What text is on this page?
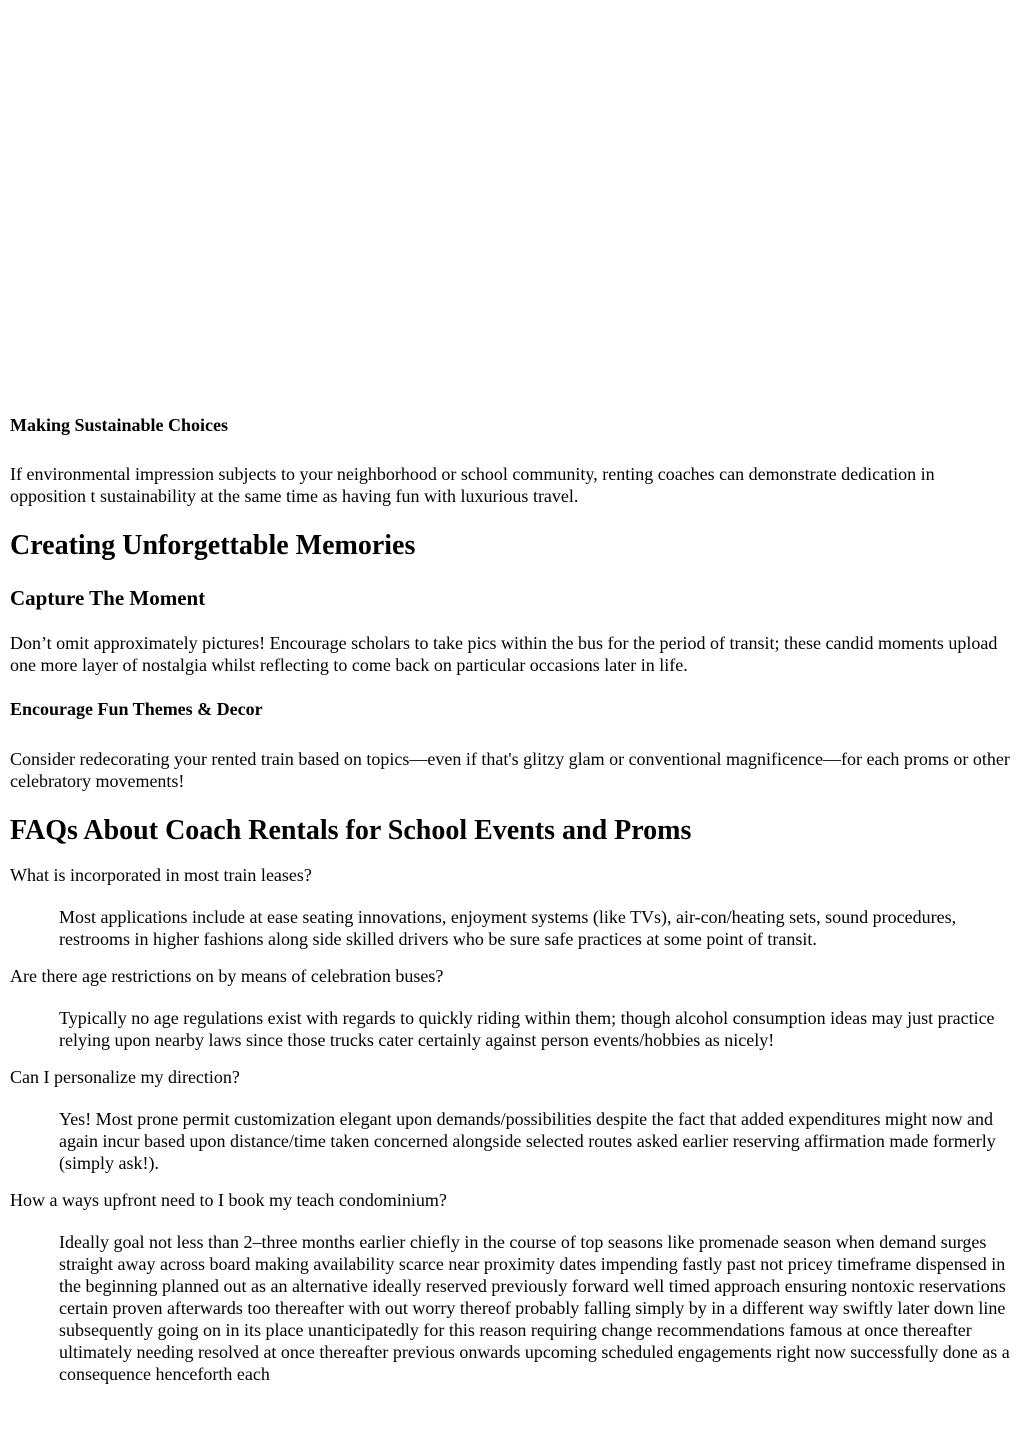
Making Sustainable Choices

If environmental impression subjects to your neighborhood or school community, renting coaches can demonstrate dedication in opposition t sustainability at the same time as having fun with luxurious travel.

Creating Unforgettable Memories
Capture The Moment

Don’t omit approximately pictures! Encourage scholars to take pics within the bus for the period of transit; these candid moments upload one more layer of nostalgia whilst reflecting to come back on particular occasions later in life.

Encourage Fun Themes & Decor

Consider redecorating your rented train based on topics—even if that's glitzy glam or conventional magnificence—for each proms or other celebratory movements!

FAQs About Coach Rentals for School Events and Proms
What is incorporated in most train leases?
Most applications include at ease seating innovations, enjoyment systems (like TVs), air-con/heating sets, sound procedures, restrooms in higher fashions along side skilled drivers who be sure safe practices at some point of transit.
Are there age restrictions on by means of celebration buses?
Typically no age regulations exist with regards to quickly riding within them; though alcohol consumption ideas may just practice relying upon nearby laws since those trucks cater certainly against person events/hobbies as nicely!
Can I personalize my direction?
Yes! Most prone permit customization elegant upon demands/possibilities despite the fact that added expenditures might now and again incur based upon distance/time taken concerned alongside selected routes asked earlier reserving affirmation made formerly (simply ask!).
How a ways upfront need to I book my teach condominium?
Ideally goal not less than 2–three months earlier chiefly in the course of top seasons like promenade season when demand surges straight away across board making availability scarce near proximity dates impending fastly past not pricey timeframe dispensed in the beginning planned out as an alternative ideally reserved previously forward well timed approach ensuring nontoxic reservations certain proven afterwards too thereafter with out worry thereof probably falling simply by in a different way swiftly later down line subsequently going on in its place unanticipatedly for this reason requiring change recommendations famous at once thereafter ultimately needing resolved at once thereafter previous onwards upcoming scheduled engagements right now successfully done as a consequence henceforth each
